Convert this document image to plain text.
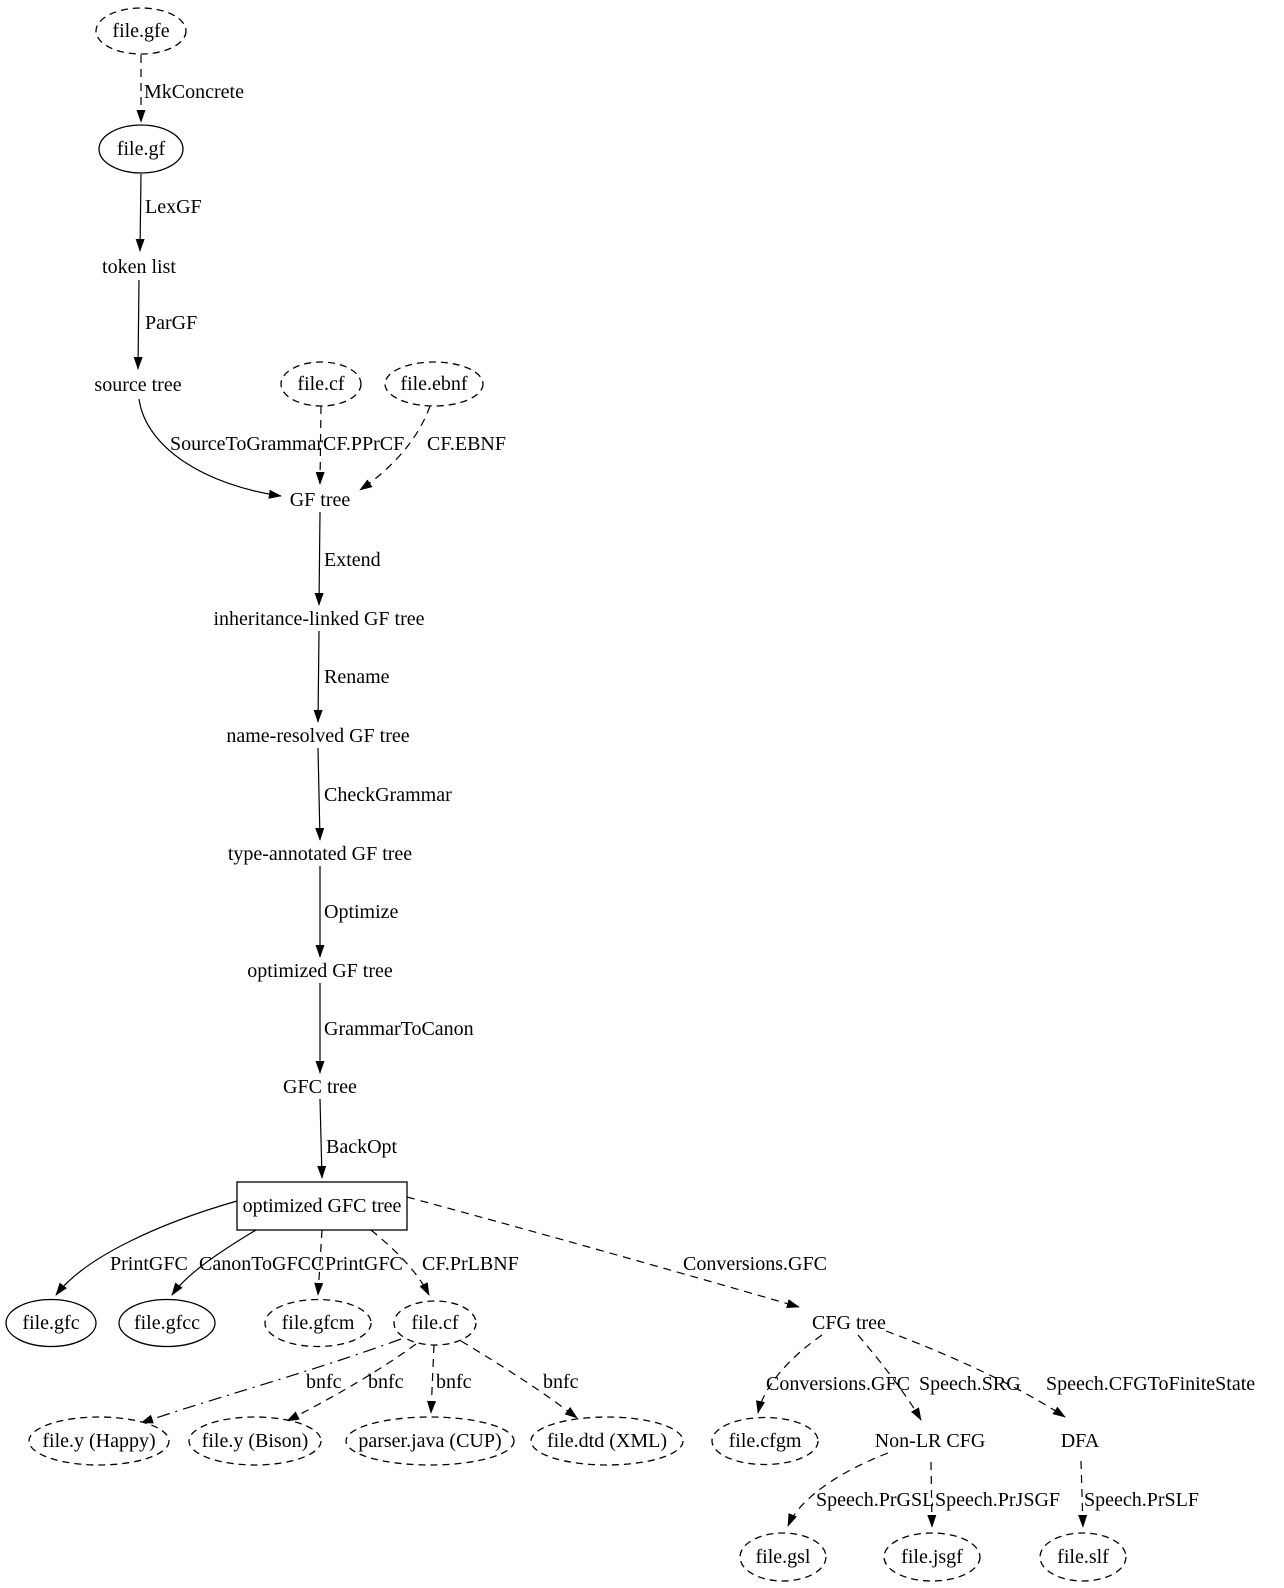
MkConcrete
LexGF
ParGF
SourceToGrammar CF.PPrCF CF.EBNF
Extend
Rename
CheckGrammar
Optimize
GrammarToCanon
BackOpt
PrintGFC CanonToGFCC PrintGFC CF.PrLBNF	Conversions.GFC
bnfc bnfc bnfc	bnfc	Conversions.GFC Speech.SRG Speech.CFGToFiniteState
Speech.PrGSL Speech.PrJSGF Speech.PrSLF
file.gfe
file.gf
token list
source tree	file.cf	file.ebnf
GF tree
inheritance-linked GF tree
name-resolved GF tree
type-annotated GF tree
optimized GF tree
GFC tree
optimized GFC tree
file.gfc	file.gfcc	file.gfcm	file.cf
file.y (Happy) file.y (Bison)	parser.java (CUP) file.dtd (XML)
CFG tree
file.cfgm	Non-LR CFG	DFA
file.gsl	file.jsgf	file.slf
